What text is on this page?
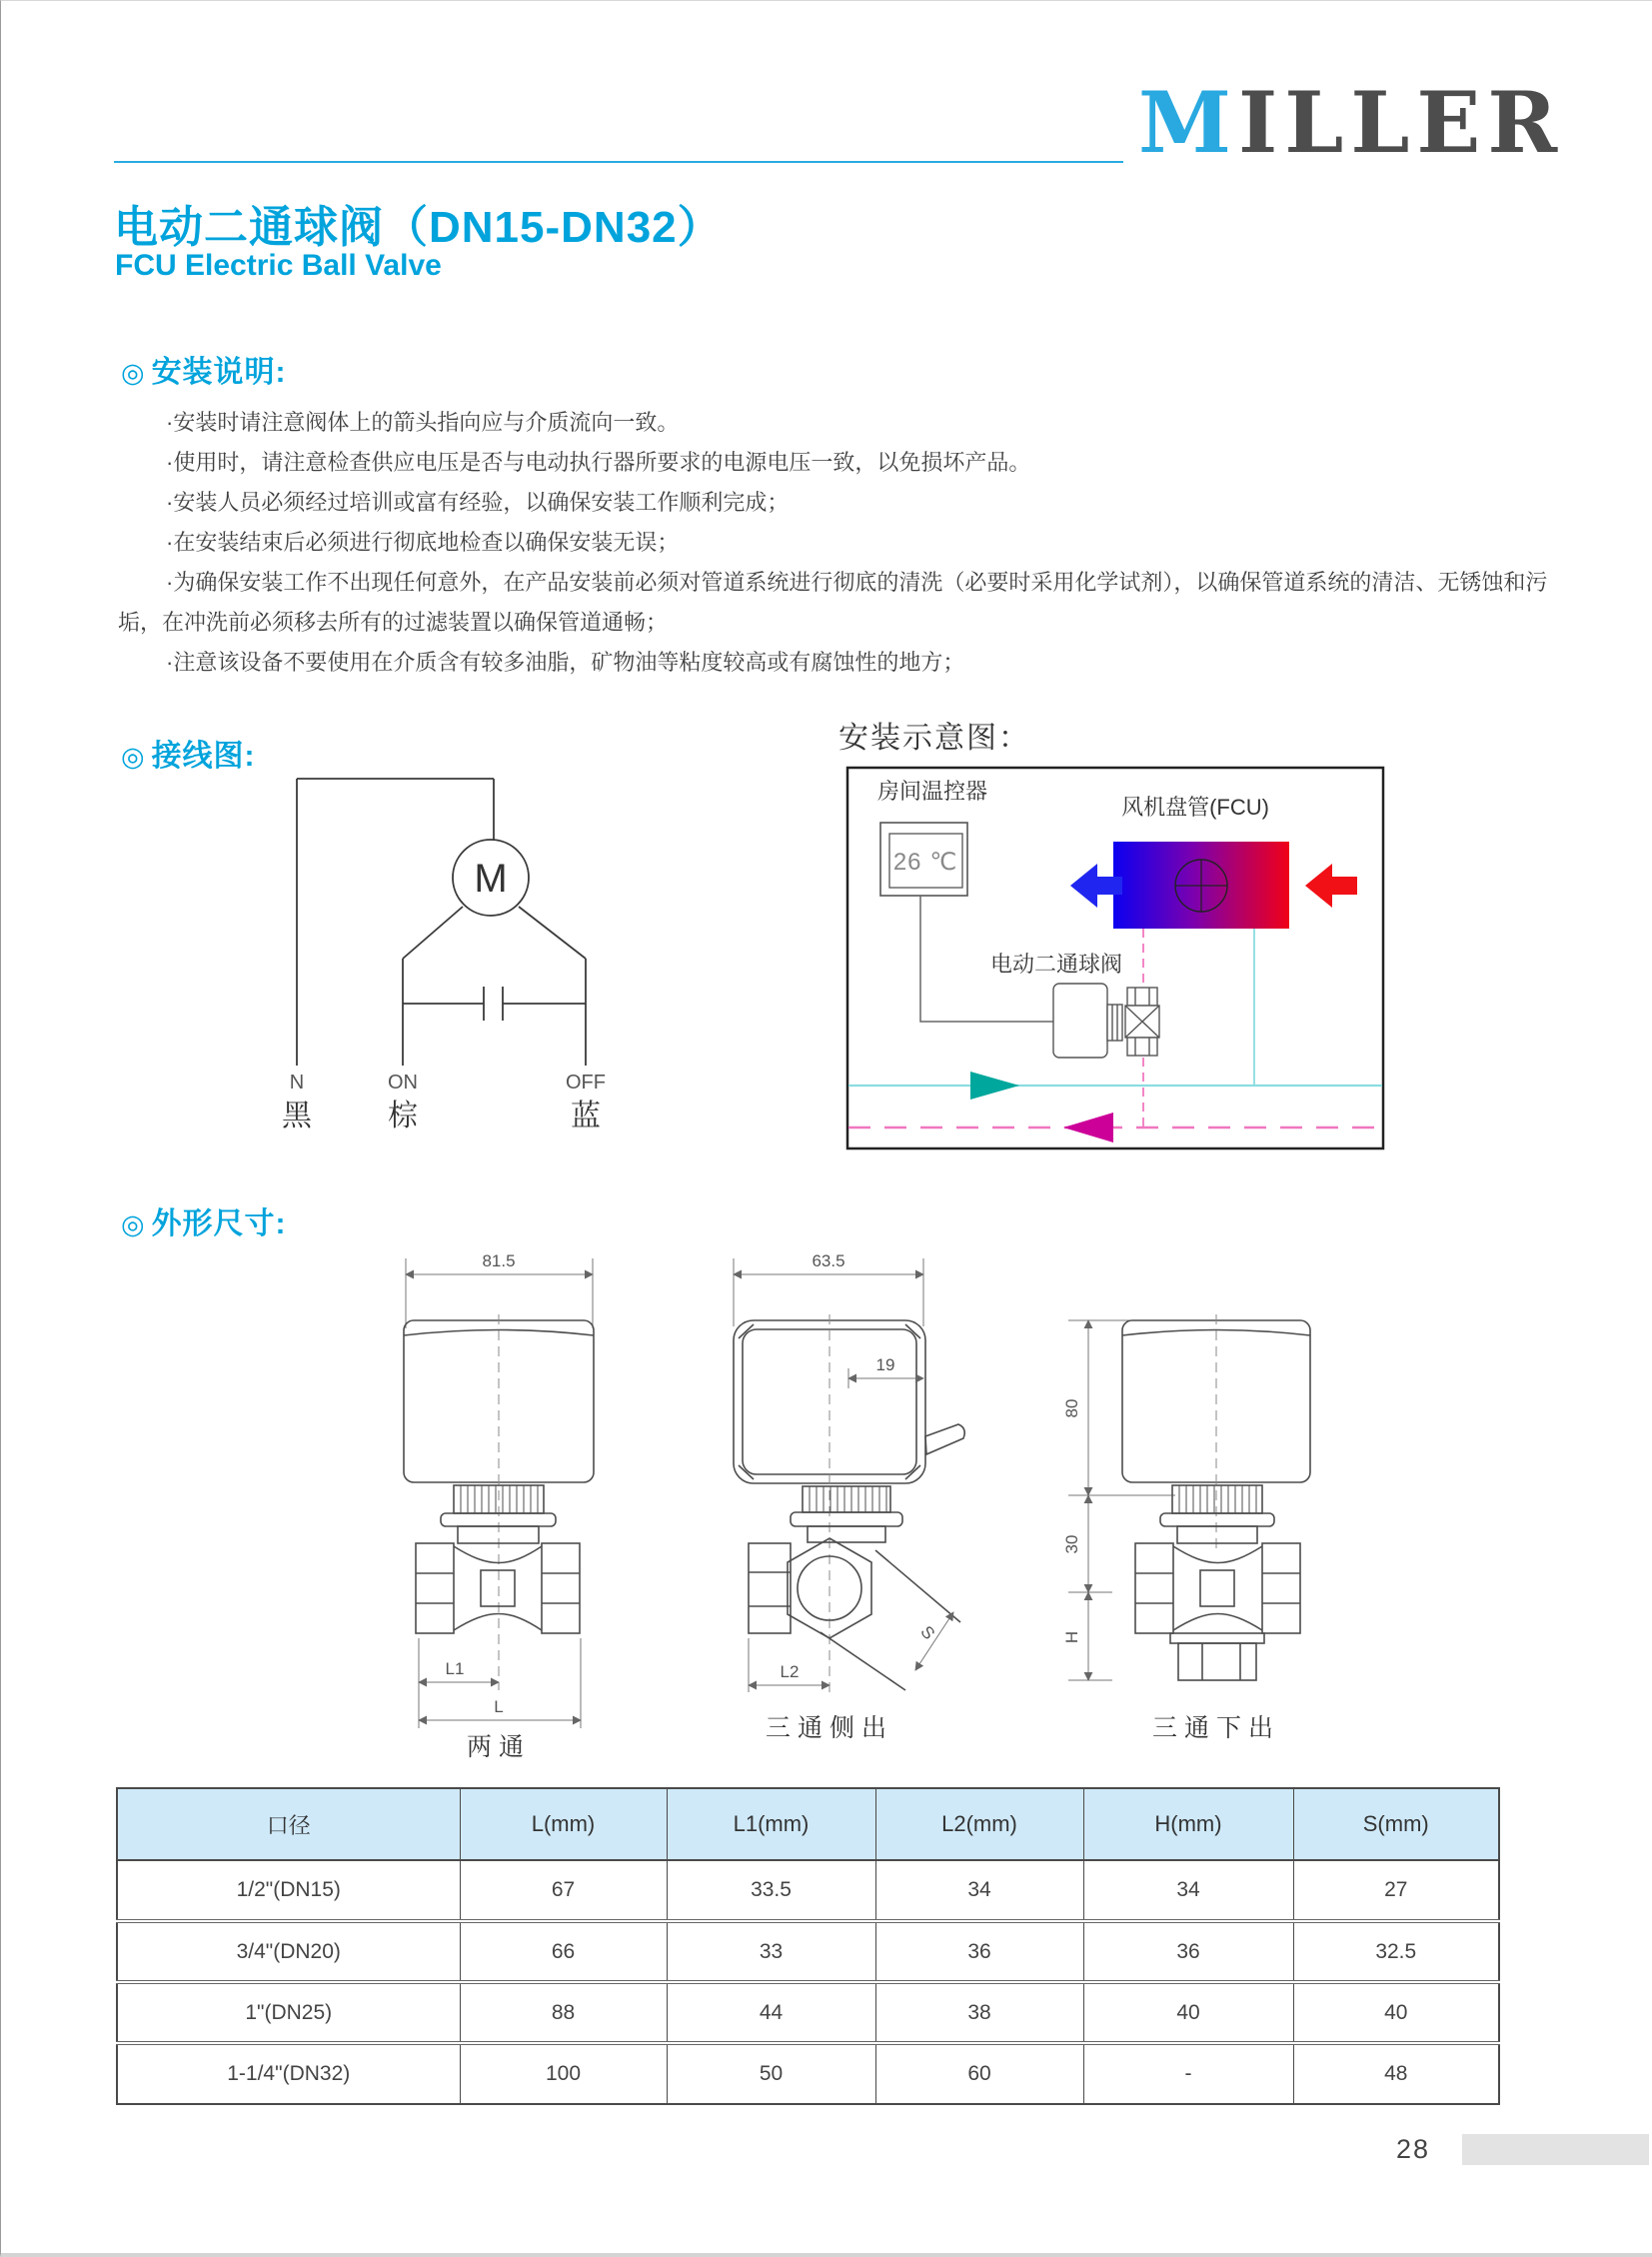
MILLER
电动二通球阀（DN15-DN32）
FCU Electric Ball Valve
◎ 安装说明:

·安装时请注意阀体上的箭头指向应与介质流向一致。

·使用时，请注意检查供应电压是否与电动执行器所要求的电源电压一致，以免损坏产品。

·安装人员必须经过培训或富有经验，以确保安装工作顺利完成；

·在安装结束后必须进行彻底地检查以确保安装无误；

·为确保安装工作不出现任何意外，在产品安装前必须对管道系统进行彻底的清洗（必要时采用化学试剂），以确保管道系统的清洁、无锈蚀和污垢，在冲洗前必须移去所有的过滤装置以确保管道通畅；

·注意该设备不要使用在介质含有较多油脂，矿物油等粘度较高或有腐蚀性的地方；

◎ 接线图:
M
N	ON	OFF
黑	棕	蓝
安装示意图：
房间温控器
26 ℃
风机盘管(FCU)
电动二通球阀
◎ 外形尺寸:
81.5
L1
L
两通
63.5
19
S
L2
三通侧出
80
30
H
三通下出
口径	L(mm)	L1(mm)	L2(mm)	H(mm)	S(mm)
1/2"(DN15)	67	33.5	34	34	27
3/4"(DN20)	66	33	36	36	32.5
1"(DN25)	88	44	38	40	40
1-1/4"(DN32)	100	50	60	-	48
28
